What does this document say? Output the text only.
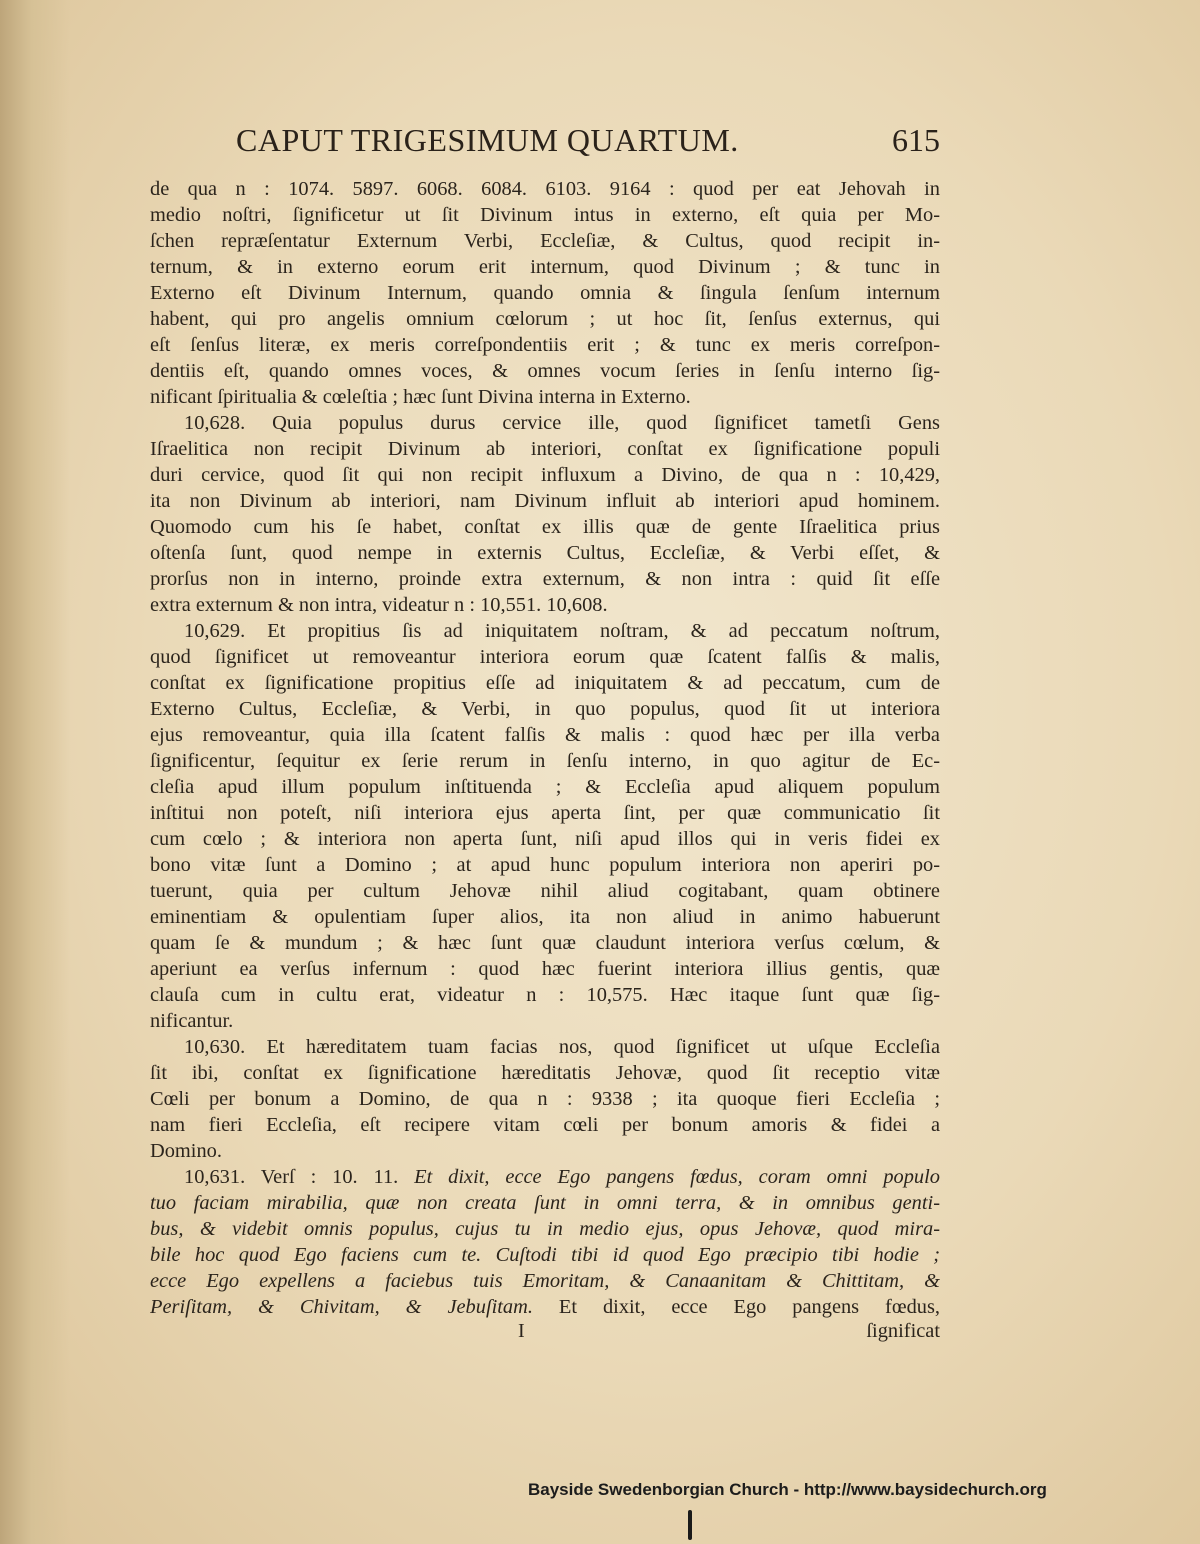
CAPUT TRIGESIMUM QUARTUM.	615
de qua n : 1074. 5897. 6068. 6084. 6103. 9164 : quod per eat Jehovah in
medio noſtri, ſignificetur ut ſit Divinum intus in externo, eſt quia per Mo-
ſchen repræſentatur Externum Verbi, Eccleſiæ, & Cultus, quod recipit in-
ternum, & in externo eorum erit internum, quod Divinum ; & tunc in
Externo eſt Divinum Internum, quando omnia & ſingula ſenſum internum
habent, qui pro angelis omnium cœlorum ; ut hoc ſit, ſenſus externus, qui
eſt ſenſus literæ, ex meris correſpondentiis erit ; & tunc ex meris correſpon-
dentiis eſt, quando omnes voces, & omnes vocum ſeries in ſenſu interno ſig-
nificant ſpiritualia & cœleſtia ; hæc ſunt Divina interna in Externo.
10,628. Quia populus durus cervice ille, quod ſignificet tametſi Gens
Iſraelitica non recipit Divinum ab interiori, conſtat ex ſignificatione populi
duri cervice, quod ſit qui non recipit influxum a Divino, de qua n : 10,429,
ita non Divinum ab interiori, nam Divinum influit ab interiori apud hominem.
Quomodo cum his ſe habet, conſtat ex illis quæ de gente Iſraelitica prius
oſtenſa ſunt, quod nempe in externis Cultus, Eccleſiæ, & Verbi eſſet, &
prorſus non in interno, proinde extra externum, & non intra : quid ſit eſſe
extra externum & non intra, videatur n : 10,551. 10,608.
10,629. Et propitius ſis ad iniquitatem noſtram, & ad peccatum noſtrum,
quod ſignificet ut removeantur interiora eorum quæ ſcatent falſis & malis,
conſtat ex ſignificatione propitius eſſe ad iniquitatem & ad peccatum, cum de
Externo Cultus, Eccleſiæ, & Verbi, in quo populus, quod ſit ut interiora
ejus removeantur, quia illa ſcatent falſis & malis : quod hæc per illa verba
ſignificentur, ſequitur ex ſerie rerum in ſenſu interno, in quo agitur de Ec-
cleſia apud illum populum inſtituenda ; & Eccleſia apud aliquem populum
inſtitui non poteſt, niſi interiora ejus aperta ſint, per quæ communicatio ſit
cum cœlo ; & interiora non aperta ſunt, niſi apud illos qui in veris fidei ex
bono vitæ ſunt a Domino ; at apud hunc populum interiora non aperiri po-
tuerunt, quia per cultum Jehovæ nihil aliud cogitabant, quam obtinere
eminentiam & opulentiam ſuper alios, ita non aliud in animo habuerunt
quam ſe & mundum ; & hæc ſunt quæ claudunt interiora verſus cœlum, &
aperiunt ea verſus infernum : quod hæc fuerint interiora illius gentis, quæ
clauſa cum in cultu erat, videatur n : 10,575. Hæc itaque ſunt quæ ſig-
nificantur.
10,630. Et hæreditatem tuam facias nos, quod ſignificet ut uſque Eccleſia
ſit ibi, conſtat ex ſignificatione hæreditatis Jehovæ, quod ſit receptio vitæ
Cœli per bonum a Domino, de qua n : 9338 ; ita quoque fieri Eccleſia ;
nam fieri Eccleſia, eſt recipere vitam cœli per bonum amoris & fidei a
Domino.
10,631. Verſ : 10. 11. Et dixit, ecce Ego pangens fœdus, coram omni populo
tuo faciam mirabilia, quæ non creata ſunt in omni terra, & in omnibus genti-
bus, & videbit omnis populus, cujus tu in medio ejus, opus Jehovæ, quod mira-
bile hoc quod Ego faciens cum te. Cuſtodi tibi id quod Ego præcipio tibi hodie ;
ecce Ego expellens a faciebus tuis Emoritam, & Canaanitam & Chittitam, &
Periſitam, & Chivitam, & Jebuſitam. Et dixit, ecce Ego pangens fœdus,
I	ſignificat
Bayside Swedenborgian Church - http://www.baysidechurch.org
